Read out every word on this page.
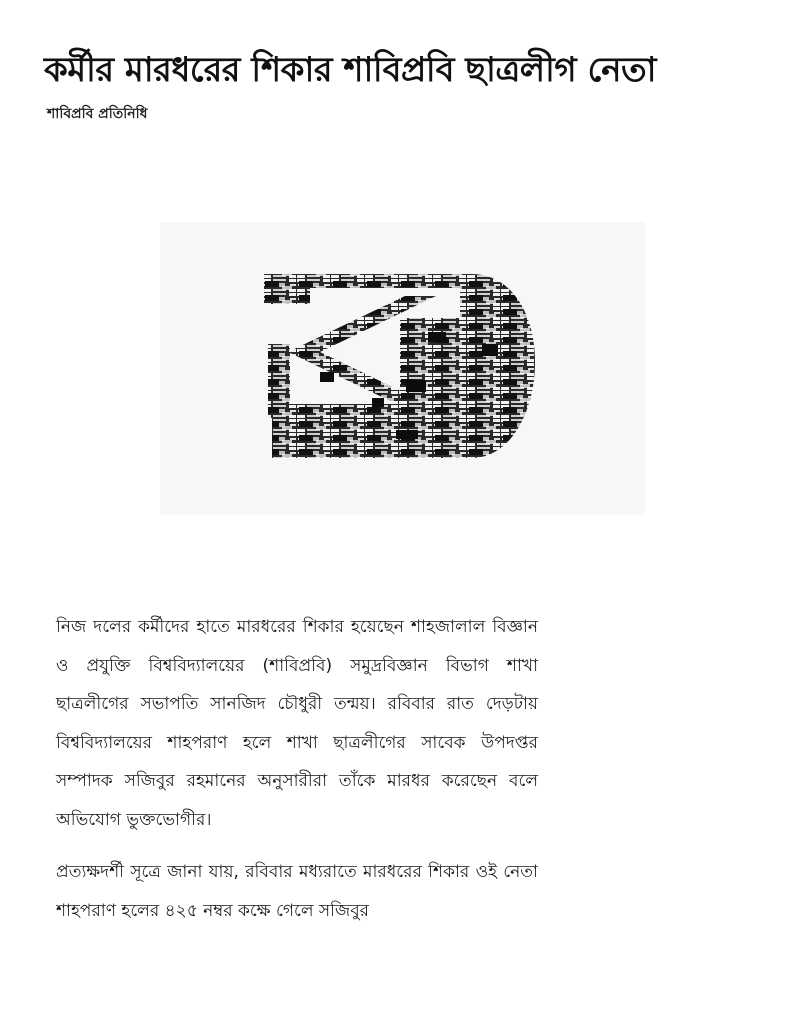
কর্মীর মারধরের শিকার শাবিপ্রবি ছাত্রলীগ নেতা

শাবিপ্রবি প্রতিনিধি

নিজ দলের কর্মীদের হাতে মারধরের শিকার হয়েছেন শাহজালাল বিজ্ঞান ও প্রযুক্তি বিশ্ববিদ্যালয়ের (শাবিপ্রবি) সমুদ্রবিজ্ঞান বিভাগ শাখা ছাত্রলীগের সভাপতি সানজিদ চৌধুরী তন্ময়। রবিবার রাত দেড়টায় বিশ্ববিদ্যালয়ের শাহপরাণ হলে শাখা ছাত্রলীগের সাবেক উপদপ্তর সম্পাদক সজিবুর রহমানের অনুসারীরা তাঁকে মারধর করেছেন বলে অভিযোগ ভুক্তভোগীর।

প্রত্যক্ষদর্শী সূত্রে জানা যায়, রবিবার মধ্যরাতে মারধরের শিকার ওই নেতা শাহপরাণ হলের ৪২৫ নম্বর কক্ষে গেলে সজিবুর
